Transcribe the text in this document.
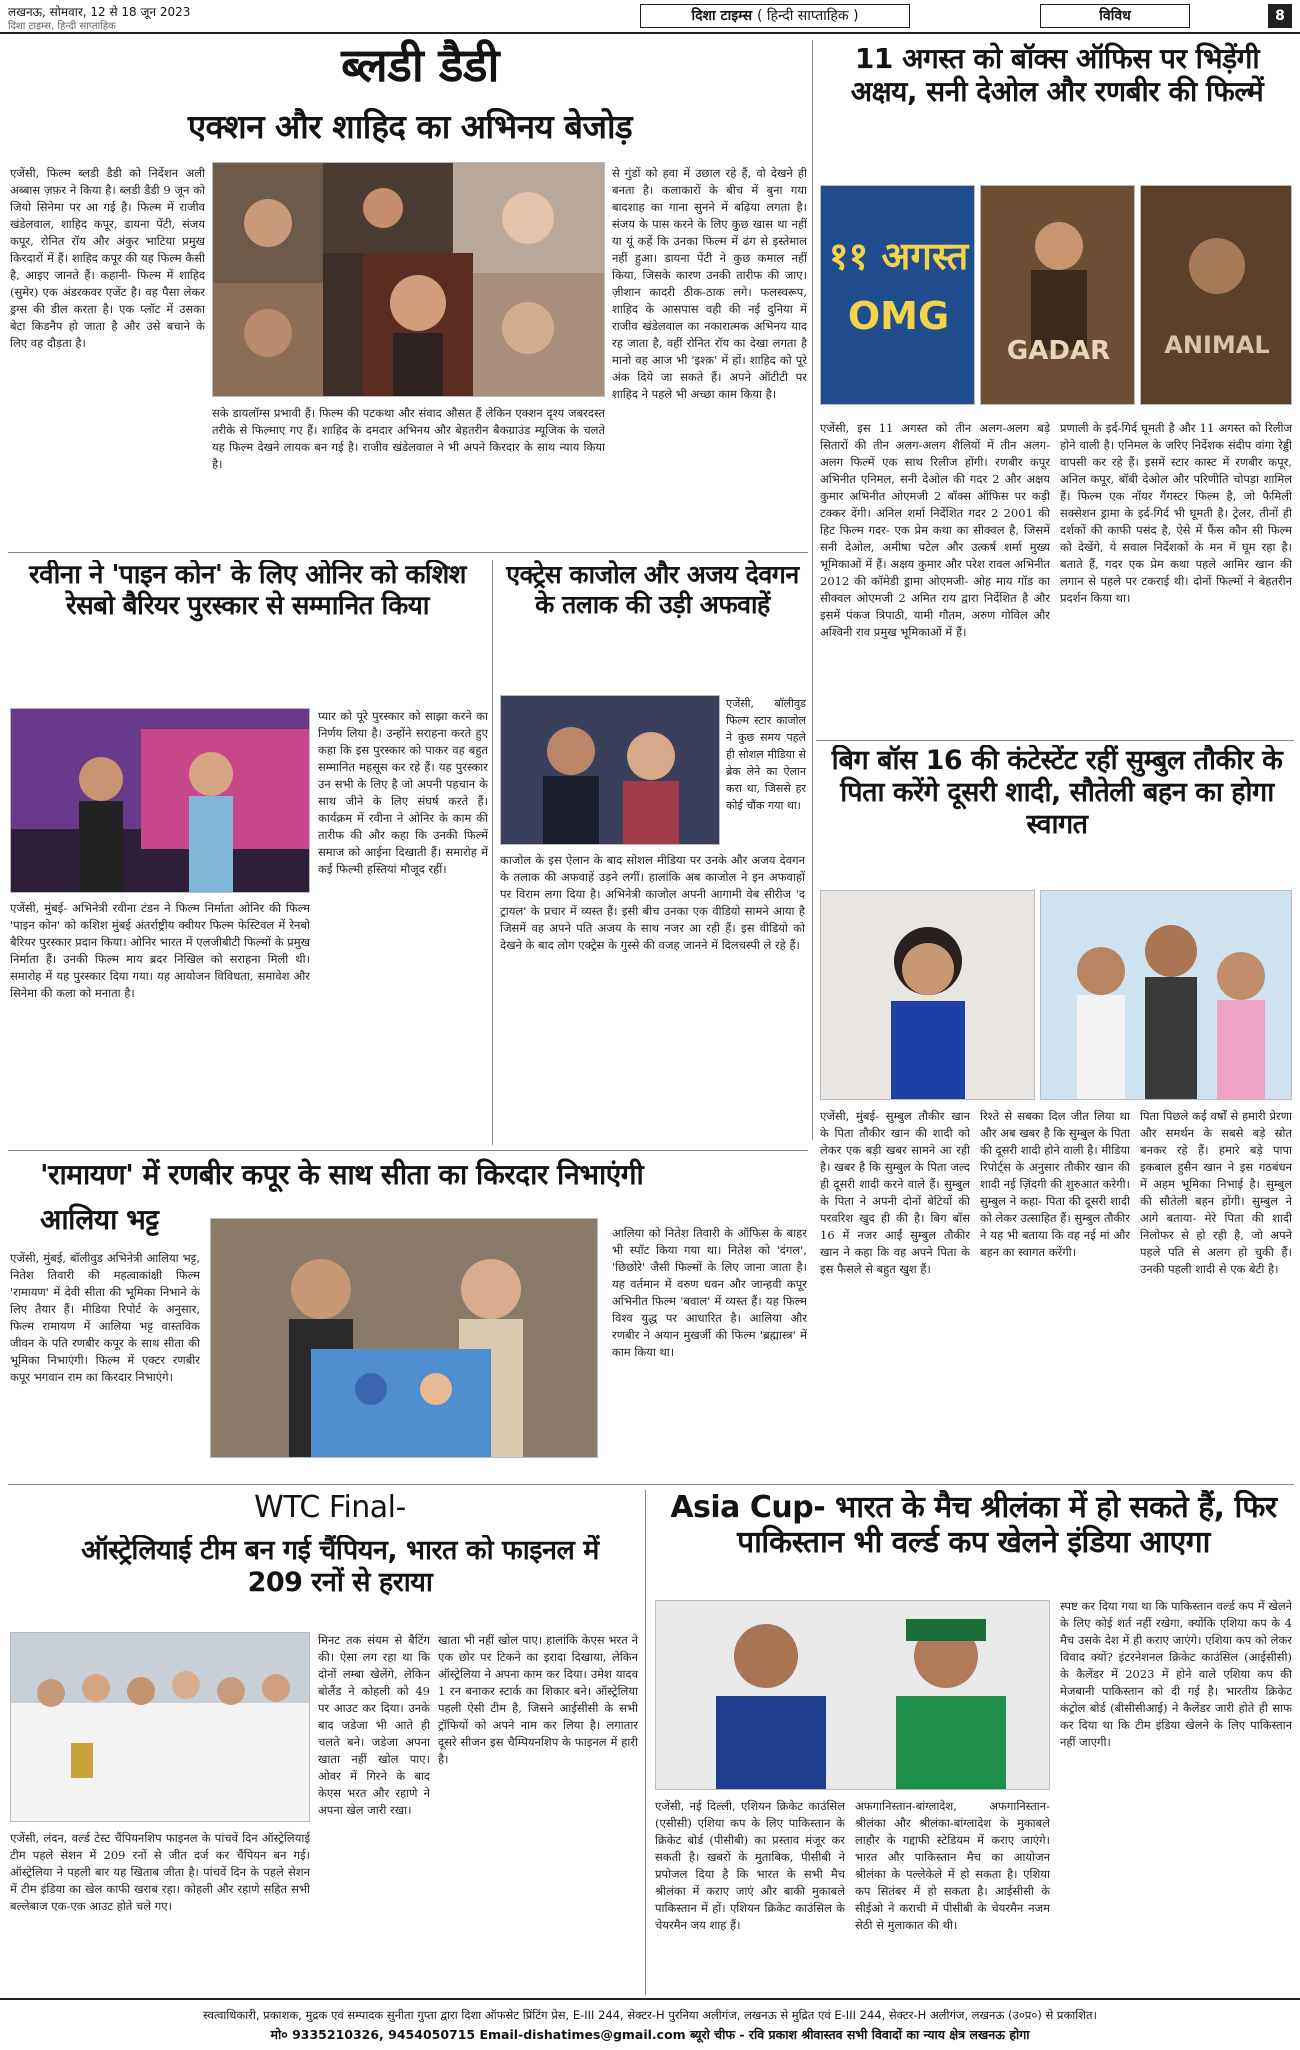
लखनऊ, सोमवार, 12 से 18 जून 2023
दिशा टाइम्स, हिन्दी साप्ताहिक
दिशा टाइम्स ( हिन्दी साप्ताहिक )	विविध	8
ब्लडी डैडी
एक्शन और शाहिद का अभिनय बेजोड़
एजेंसी, फिल्म ब्लडी डैडी को निर्देशन अली अब्बास ज़फ़र ने किया है। ब्लडी डैडी 9 जून को जियो सिनेमा पर आ गई है। फिल्म में राजीव खंडेलवाल, शाहिद कपूर, डायना पेंटी, संजय कपूर, रोनित रॉय और अंकुर भाटिया प्रमुख किरदारों में हैं। शाहिद कपूर की यह फिल्म कैसी है, आइए जानते हैं। कहानी- फिल्म में शाहिद (सुमेर) एक अंडरकवर एजेंट है। वह पैसा लेकर ड्रग्स की डील करता है। एक प्लॉट में उसका बेटा किडनैप हो जाता है और उसे बचाने के लिए वह दौड़ता है।
सके डायलॉग्स प्रभावी हैं। फिल्म की पटकथा और संवाद औसत हैं लेकिन एक्शन दृश्य जबरदस्त तरीके से फिल्माए गए हैं। शाहिद के दमदार अभिनय और बेहतरीन बैकग्राउंड म्यूजिक के चलते यह फिल्म देखने लायक बन गई है। राजीव खंडेलवाल ने भी अपने किरदार के साथ न्याय किया है।
से गुंडों को हवा में उछाल रहे हैं, वो देखने ही बनता है। कलाकारों के बीच में बुना गया बादशाह का गाना सुनने में बढ़िया लगता है। संजय के पास करने के लिए कुछ खास था नहीं या यूं कहें कि उनका फिल्म में ढंग से इस्तेमाल नहीं हुआ। डायना पेंटी ने कुछ कमाल नहीं किया, जिसके कारण उनकी तारीफ की जाए। ज़ीशान कादरी ठीक-ठाक लगे। फलस्वरूप, शाहिद के आसपास वही की नई दुनिया में राजीव खंडेलवाल का नकारात्मक अभिनय याद रह जाता है, वहीं रोनित रॉय का देखा लगता है मानो वह आज भी 'इश्क़' में हों। शाहिद को पूरे अंक दिये जा सकते हैं। अपने ऑटीटी पर शाहिद ने पहले भी अच्छा काम किया है।
11 अगस्त को बॉक्स ऑफिस पर भिड़ेंगी अक्षय, सनी देओल और रणबीर की फिल्में
११ अगस्त OMG
GADAR	ANIMAL
एजेंसी, इस 11 अगस्त को तीन अलग-अलग बड़े सितारों की तीन अलग-अलग शैलियों में तीन अलग-अलग फिल्में एक साथ रिलीज होंगी। रणबीर कपूर अभिनीत एनिमल, सनी देओल की गदर 2 और अक्षय कुमार अभिनीत ओएमजी 2 बॉक्स ऑफिस पर कड़ी टक्कर देंगी। अनिल शर्मा निर्देशित गदर 2 2001 की हिट फिल्म गदर- एक प्रेम कथा का सीक्वल है, जिसमें सनी देओल, अमीषा पटेल और उत्कर्ष शर्मा मुख्य भूमिकाओं में हैं। अक्षय कुमार और परेश रावल अभिनीत 2012 की कॉमेडी ड्रामा ओएमजी- ओह माय गॉड का सीक्वल ओएमजी 2 अमित राय द्वारा निर्देशित है और इसमें पंकज त्रिपाठी, यामी गौतम, अरुण गोविल और अश्विनी राव प्रमुख भूमिकाओं में हैं।
प्रणाली के इर्द-गिर्द घूमती है और 11 अगस्त को रिलीज होने वाली है। एनिमल के जरिए निर्देशक संदीप वांगा रेड्डी वापसी कर रहे हैं। इसमें स्टार कास्ट में रणबीर कपूर, अनिल कपूर, बॉबी देओल और परिणीति चोपड़ा शामिल हैं। फिल्म एक नॉयर गैंगस्टर फिल्म है, जो फैमिली सक्सेशन ड्रामा के इर्द-गिर्द भी घूमती है। ट्रेलर, तीनों ही दर्शकों की काफी पसंद है, ऐसे में फैंस कौन सी फिल्म को देखेंगे, ये सवाल निर्देशकों के मन में घूम रहा है। बताते हैं, गदर एक प्रेम कथा पहले आमिर खान की लगान से पहले पर टकराई थी। दोनों फिल्मों ने बेहतरीन प्रदर्शन किया था।
रवीना ने 'पाइन कोन' के लिए ओनिर को कशिश रेसबो बैरियर पुरस्कार से सम्मानित किया
एजेंसी, मुंबई- अभिनेत्री रवीना टंडन ने फिल्म निर्माता ओनिर की फिल्म 'पाइन कोन' को कशिश मुंबई अंतर्राष्ट्रीय क्वीयर फिल्म फेस्टिवल में रेनबो बैरियर पुरस्कार प्रदान किया। ओनिर भारत में एलजीबीटी फिल्मों के प्रमुख निर्माता हैं। उनकी फिल्म माय ब्रदर निखिल को सराहना मिली थी। समारोह में यह पुरस्कार दिया गया। यह आयोजन विविधता, समावेश और सिनेमा की कला को मनाता है।
प्यार को पूरे पुरस्कार को साझा करने का निर्णय लिया है। उन्होंने सराहना करते हुए कहा कि इस पुरस्कार को पाकर वह बहुत सम्मानित महसूस कर रहे हैं। यह पुरस्कार उन सभी के लिए है जो अपनी पहचान के साथ जीने के लिए संघर्ष करते हैं। कार्यक्रम में रवीना ने ओनिर के काम की तारीफ की और कहा कि उनकी फिल्में समाज को आईना दिखाती हैं। समारोह में कई फिल्मी हस्तियां मौजूद रहीं।
एक्ट्रेस काजोल और अजय देवगन के तलाक की उड़ी अफवाहें
एजेंसी, बॉलीवुड फिल्म स्टार काजोल ने कुछ समय पहले ही सोशल मीडिया से ब्रेक लेने का ऐलान करा था, जिससे हर कोई चौंक गया था।
काजोल के इस ऐलान के बाद सोशल मीडिया पर उनके और अजय देवगन के तलाक की अफवाहें उड़ने लगीं। हालांकि अब काजोल ने इन अफवाहों पर विराम लगा दिया है। अभिनेत्री काजोल अपनी आगामी वेब सीरीज 'द ट्रायल' के प्रचार में व्यस्त हैं। इसी बीच उनका एक वीडियो सामने आया है जिसमें वह अपने पति अजय के साथ नजर आ रही हैं। इस वीडियो को देखने के बाद लोग एक्ट्रेस के गुस्से की वजह जानने में दिलचस्पी ले रहे हैं।
बिग बॉस 16 की कंटेस्टेंट रहीं सुम्बुल तौकीर के पिता करेंगे दूसरी शादी, सौतेली बहन का होगा स्वागत
एजेंसी, मुंबई- सुम्बुल तौकीर खान के पिता तौकीर खान की शादी को लेकर एक बड़ी खबर सामने आ रही है। खबर है कि सुम्बुल के पिता जल्द ही दूसरी शादी करने वाले हैं। सुम्बुल के पिता ने अपनी दोनों बेटियों की परवरिश खुद ही की है। बिग बॉस 16 में नजर आईं सुम्बुल तौकीर खान ने कहा कि वह अपने पिता के इस फैसले से बहुत खुश हैं।
रिश्ते से सबका दिल जीत लिया था और अब खबर है कि सुम्बुल के पिता की दूसरी शादी होने वाली है। मीडिया रिपोर्ट्स के अनुसार तौकीर खान की शादी नई ज़िंदगी की शुरुआत करेगी। सुम्बुल ने कहा- पिता की दूसरी शादी को लेकर उत्साहित हैं। सुम्बुल तौकीर ने यह भी बताया कि वह नई मां और बहन का स्वागत करेंगी।
पिता पिछले कई वर्षों से हमारी प्रेरणा और समर्थन के सबसे बड़े स्रोत बनकर रहे हैं। हमारे बड़े पापा इकबाल हुसैन खान ने इस गठबंधन में अहम भूमिका निभाई है। सुम्बुल की सौतेली बहन होंगी। सुम्बुल ने आगे बताया- मेरे पिता की शादी निलोफर से हो रही है, जो अपने पहले पति से अलग हो चुकी हैं। उनकी पहली शादी से एक बेटी है।
'रामायण' में रणबीर कपूर के साथ सीता का किरदार निभाएंगी
आलिया भट्ट
एजेंसी, मुंबई, बॉलीवुड अभिनेत्री आलिया भट्ट, नितेश तिवारी की महत्वाकांक्षी फिल्म 'रामायण' में देवी सीता की भूमिका निभाने के लिए तैयार हैं। मीडिया रिपोर्ट के अनुसार, फिल्म रामायण में आलिया भट्ट वास्तविक जीवन के पति रणबीर कपूर के साथ सीता की भूमिका निभाएंगी। फिल्म में एक्टर रणबीर कपूर भगवान राम का किरदार निभाएंगे।
आलिया को नितेश तिवारी के ऑफिस के बाहर भी स्पॉट किया गया था। नितेश को 'दंगल', 'छिछोरे' जैसी फिल्मों के लिए जाना जाता है। यह वर्तमान में वरुण धवन और जान्हवी कपूर अभिनीत फिल्म 'बवाल' में व्यस्त हैं। यह फिल्म विश्व युद्ध पर आधारित है। आलिया और रणबीर ने अयान मुखर्जी की फिल्म 'ब्रह्मास्त्र' में काम किया था।
WTC Final-
ऑस्ट्रेलियाई टीम बन गई चैंपियन, भारत को फाइनल में 209 रनों से हराया
एजेंसी, लंदन, वर्ल्ड टेस्ट चैंपियनशिप फाइनल के पांचवें दिन ऑस्ट्रेलियाई टीम पहले सेशन में 209 रनों से जीत दर्ज कर चैंपियन बन गई। ऑस्ट्रेलिया ने पहली बार यह खिताब जीता है। पांचवें दिन के पहले सेशन में टीम इंडिया का खेल काफी खराब रहा। कोहली और रहाणे सहित सभी बल्लेबाज एक-एक आउट होते चले गए।
मिनट तक संयम से बैटिंग की। ऐसा लग रहा था कि दोनों लम्बा खेलेंगे, लेकिन बोलैंड ने कोहली को 49 पर आउट कर दिया। उनके बाद जडेजा भी आते ही चलते बने। जडेजा अपना खाता नहीं खोल पाए। ओवर में गिरने के बाद केएस भरत और रहाणे ने अपना खेल जारी रखा।
खाता भी नहीं खोल पाए। हालांकि केएस भरत ने एक छोर पर टिकने का इरादा दिखाया, लेकिन ऑस्ट्रेलिया ने अपना काम कर दिया। उमेश यादव 1 रन बनाकर स्टार्क का शिकार बने। ऑस्ट्रेलिया पहली ऐसी टीम है, जिसने आईसीसी के सभी ट्रॉफियों को अपने नाम कर लिया है। लगातार दूसरे सीजन इस चैम्पियनशिप के फाइनल में हारी है।
Asia Cup- भारत के मैच श्रीलंका में हो सकते हैं, फिर पाकिस्तान भी वर्ल्ड कप खेलने इंडिया आएगा
एजेंसी, नई दिल्ली, एशियन क्रिकेट काउंसिल (एसीसी) एशिया कप के लिए पाकिस्तान के क्रिकेट बोर्ड (पीसीबी) का प्रस्ताव मंजूर कर सकती है। खबरों के मुताबिक, पीसीबी ने प्रपोजल दिया है कि भारत के सभी मैच श्रीलंका में कराए जाएं और बाकी मुकाबले पाकिस्तान में हों। एशियन क्रिकेट काउंसिल के चेयरमैन जय शाह हैं।
अफगानिस्तान-बांग्लादेश, अफगानिस्तान-श्रीलंका और श्रीलंका-बांग्लादेश के मुकाबले लाहौर के गद्दाफी स्टेडियम में कराए जाएंगे। भारत और पाकिस्तान मैच का आयोजन श्रीलंका के पल्लेकेले में हो सकता है। एशिया कप सितंबर में हो सकता है। आईसीसी के सीईओ ने कराची में पीसीबी के चेयरमैन नजम सेठी से मुलाकात की थी।
स्पष्ट कर दिया गया था कि पाकिस्तान वर्ल्ड कप में खेलने के लिए कोई शर्त नहीं रखेगा, क्योंकि एशिया कप के 4 मैच उसके देश में ही कराए जाएंगे। एशिया कप को लेकर विवाद क्यों? इंटरनेशनल क्रिकेट काउंसिल (आईसीसी) के कैलेंडर में 2023 में होने वाले एशिया कप की मेजबानी पाकिस्तान को दी गई है। भारतीय क्रिकेट कंट्रोल बोर्ड (बीसीसीआई) ने कैलेंडर जारी होते ही साफ कर दिया था कि टीम इंडिया खेलने के लिए पाकिस्तान नहीं जाएगी।
स्वत्वाधिकारी, प्रकाशक, मुद्रक एवं सम्पादक सुनीता गुप्ता द्वारा दिशा ऑफसेट प्रिंटिंग प्रेस, E-III 244, सेक्टर-H पुरनिया अलीगंज, लखनऊ से मुद्रित एवं E-III 244, सेक्टर-H अलीगंज, लखनऊ (उ०प्र०) से प्रकाशित।
मो० 9335210326, 9454050715 Email-dishatimes@gmail.com ब्यूरो चीफ - रवि प्रकाश श्रीवास्तव सभी विवादों का न्याय क्षेत्र लखनऊ होगा
